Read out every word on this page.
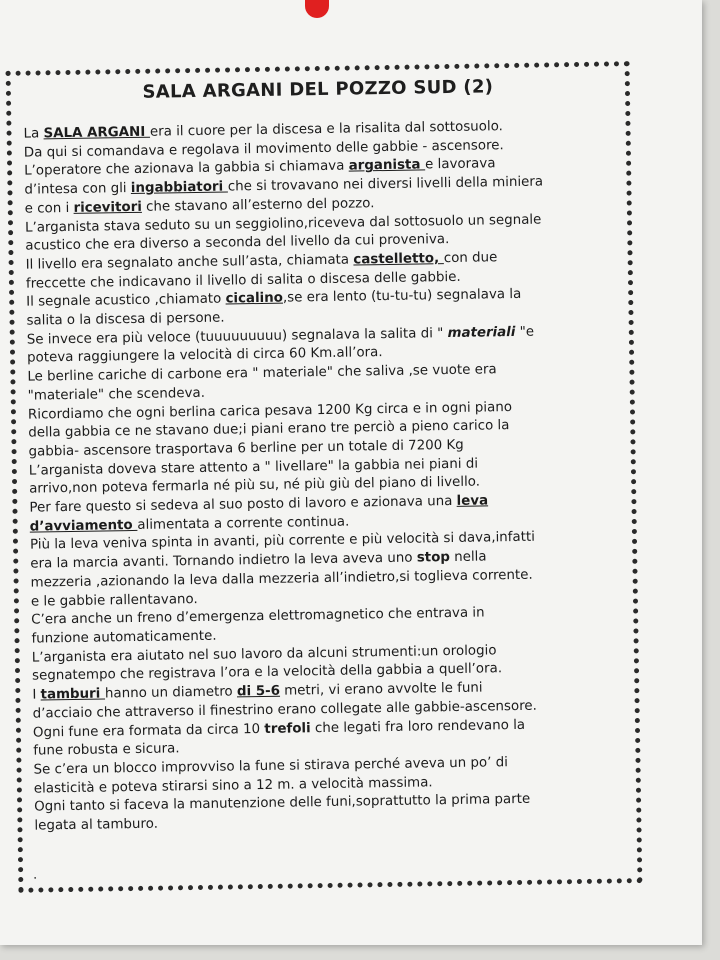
SALA ARGANI DEL POZZO SUD (2)
La SALA ARGANI era il cuore per la discesa e la risalita dal sottosuolo.
Da qui si comandava e regolava il movimento delle gabbie - ascensore.
L’operatore che azionava la gabbia si chiamava arganista e lavorava
d’intesa con gli ingabbiatori che si trovavano nei diversi livelli della miniera
e con i ricevitori che stavano all’esterno del pozzo.
L’arganista stava seduto su un seggiolino,riceveva dal sottosuolo un segnale
acustico che era diverso a seconda del livello da cui proveniva.
Il livello era segnalato anche sull’asta, chiamata castelletto, con due
freccette che indicavano il livello di salita o discesa delle gabbie.
Il segnale acustico ,chiamato cicalino,se era lento (tu-tu-tu) segnalava la
salita o la discesa di persone.
Se invece era più veloce (tuuuuuuuuu) segnalava la salita di " materiali "e
poteva raggiungere la velocità di circa 60 Km.all’ora.
Le berline cariche di carbone era " materiale" che saliva ,se vuote era
"materiale" che scendeva.
Ricordiamo che ogni berlina carica pesava 1200 Kg circa e in ogni piano
della gabbia ce ne stavano due;i piani erano tre perciò a pieno carico la
gabbia- ascensore trasportava 6 berline per un totale di 7200 Kg
L’arganista doveva stare attento a " livellare" la gabbia nei piani di
arrivo,non poteva fermarla né più su, né più giù del piano di livello.
Per fare questo si sedeva al suo posto di lavoro e azionava una leva
d’avviamento alimentata a corrente continua.
Più la leva veniva spinta in avanti, più corrente e più velocità si dava,infatti
era la marcia avanti. Tornando indietro la leva aveva uno stop nella
mezzeria ,azionando la leva dalla mezzeria all’indietro,si toglieva corrente.
e le gabbie rallentavano.
C’era anche un freno d’emergenza elettromagnetico che entrava in
funzione automaticamente.
L’arganista era aiutato nel suo lavoro da alcuni strumenti:un orologio
segnatempo che registrava l’ora e la velocità della gabbia a quell’ora.
I tamburi hanno un diametro di 5-6 metri, vi erano avvolte le funi
d’acciaio che attraverso il finestrino erano collegate alle gabbie-ascensore.
Ogni fune era formata da circa 10 trefoli che legati fra loro rendevano la
fune robusta e sicura.
Se c’era un blocco improvviso la fune si stirava perché aveva un po’ di
elasticità e poteva stirarsi sino a 12 m. a velocità massima.
Ogni tanto si faceva la manutenzione delle funi,soprattutto la prima parte
legata al tamburo.
.
